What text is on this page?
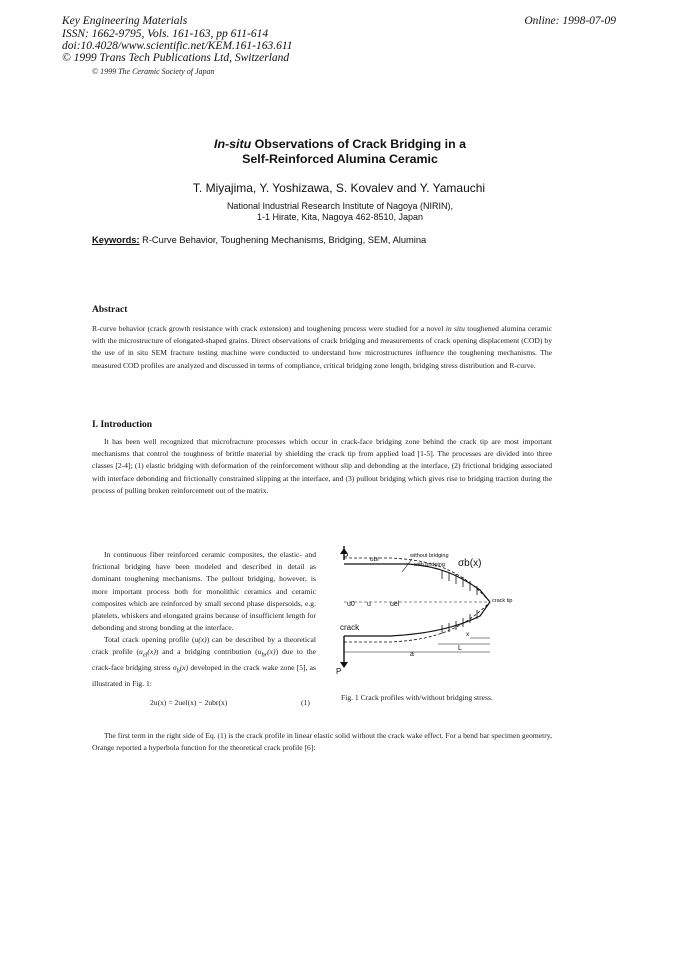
Key Engineering Materials
ISSN: 1662-9795, Vols. 161-163, pp 611-614
doi:10.4028/www.scientific.net/KEM.161-163.611
© 1999 Trans Tech Publications Ltd, Switzerland
© 1999 The Ceramic Society of Japan
Online: 1998-07-09
In-situ Observations of Crack Bridging in a
Self-Reinforced Alumina Ceramic
T. Miyajima, Y. Yoshizawa, S. Kovalev and Y. Yamauchi
National Industrial Research Institute of Nagoya (NIRIN),
1-1 Hirate, Kita, Nagoya 462-8510, Japan
Keywords: R-Curve Behavior, Toughening Mechanisms, Bridging, SEM, Alumina
Abstract
R-curve behavior (crack growth resistance with crack extension) and toughening process were studied for a novel in situ toughened alumina ceramic with the microstructure of elongated-shaped grains. Direct observations of crack bridging and measurements of crack opening displacement (COD) by the use of in situ SEM fracture testing machine were conducted to understand how microstructures influence the toughening mechanisms. The measured COD profiles are analyzed and discussed in terms of compliance, critical bridging zone length, bridging stress distribution and R-curve.
I. Introduction
It has been well recognized that microfracture processes which occur in crack-face bridging zone behind the crack tip are most important mechanisms that control the toughness of brittle material by shielding the crack tip from applied load [1-5]. The processes are divided into three classes [2-4]; (1) elastic bridging with deformation of the reinforcement without slip and debonding at the interface, (2) frictional bridging associated with interface debonding and frictionally constrained slipping at the interface, and (3) pullout bridging which gives rise to bridging traction during the process of pulling broken reinforcement out of the matrix.
In continuous fiber reinforced ceramic composites, the elastic- and frictional bridging have been modeled and described in detail as dominant toughening mechanisms. The pullout bridging, however, is more important process both for monolithic ceramics and ceramic composites which are reinforced by small second phase dispersoids, e.g. platelets, whiskers and elongated grains because of insufficient length for debonding and strong bonding at the interface.
Total crack opening profile (u(x)) can be described by a theoretical crack profile $(u_{el}(x))$ and a bridging contribution $(u_{br}(x))$ due to the crack-face bridging stress $\sigma_b(x)$ developed in the crack wake zone [5], as illustrated in Fig. 1:
2u(x) = 2uel(x) − 2ubr(x)	(1)
The first term in the right side of Eq. (1) is the crack profile in linear elastic solid without the crack wake effect. For a bend bar specimen geometry, Orange reported a hyperbola function for the theoretical crack profile [6]:
P
P
without bridging
with bridging
ubr	σb(x)
u0 u	uel	crack tip
crack
x
a
L
Fig. 1 Crack profiles with/without bridging stress.
